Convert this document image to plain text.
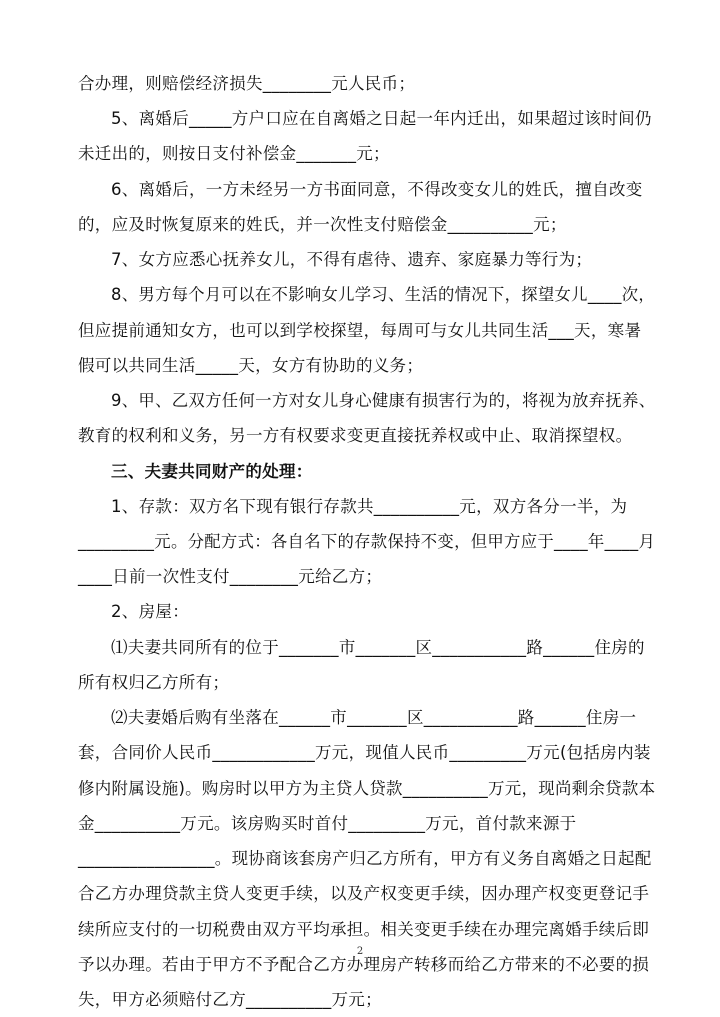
合办理，则赔偿经济损失________元人民币；
5、离婚后_____方户口应在自离婚之日起一年内迁出，如果超过该时间仍
未迁出的，则按日支付补偿金_______元；
6、离婚后，一方未经另一方书面同意，不得改变女儿的姓氏，擅自改变
的，应及时恢复原来的姓氏，并一次性支付赔偿金__________元；
7、女方应悉心抚养女儿，不得有虐待、遗弃、家庭暴力等行为；
8、男方每个月可以在不影响女儿学习、生活的情况下，探望女儿____次，
但应提前通知女方，也可以到学校探望，每周可与女儿共同生活___天，寒暑
假可以共同生活_____天，女方有协助的义务；
9、甲、乙双方任何一方对女儿身心健康有损害行为的，将视为放弃抚养、
教育的权利和义务，另一方有权要求变更直接抚养权或中止、取消探望权。
三、夫妻共同财产的处理：
1、存款：双方名下现有银行存款共__________元，双方各分一半，为
_________元。分配方式：各自名下的存款保持不变，但甲方应于____年____月
____日前一次性支付________元给乙方；
2、房屋：
⑴夫妻共同所有的位于_______市_______区___________路______住房的
所有权归乙方所有；
⑵夫妻婚后购有坐落在______市_______区___________路______住房一
套，合同价人民币____________万元，现值人民币_________万元(包括房内装
修内附属设施)。购房时以甲方为主贷人贷款__________万元，现尚剩余贷款本
金__________万元。该房购买时首付_________万元，首付款来源于
________________。现协商该套房产归乙方所有，甲方有义务自离婚之日起配
合乙方办理贷款主贷人变更手续，以及产权变更手续，因办理产权变更登记手
续所应支付的一切税费由双方平均承担。相关变更手续在办理完离婚手续后即
予以办理。若由于甲方不予配合乙方办理房产转移而给乙方带来的不必要的损
失，甲方必须赔付乙方__________万元；
2
